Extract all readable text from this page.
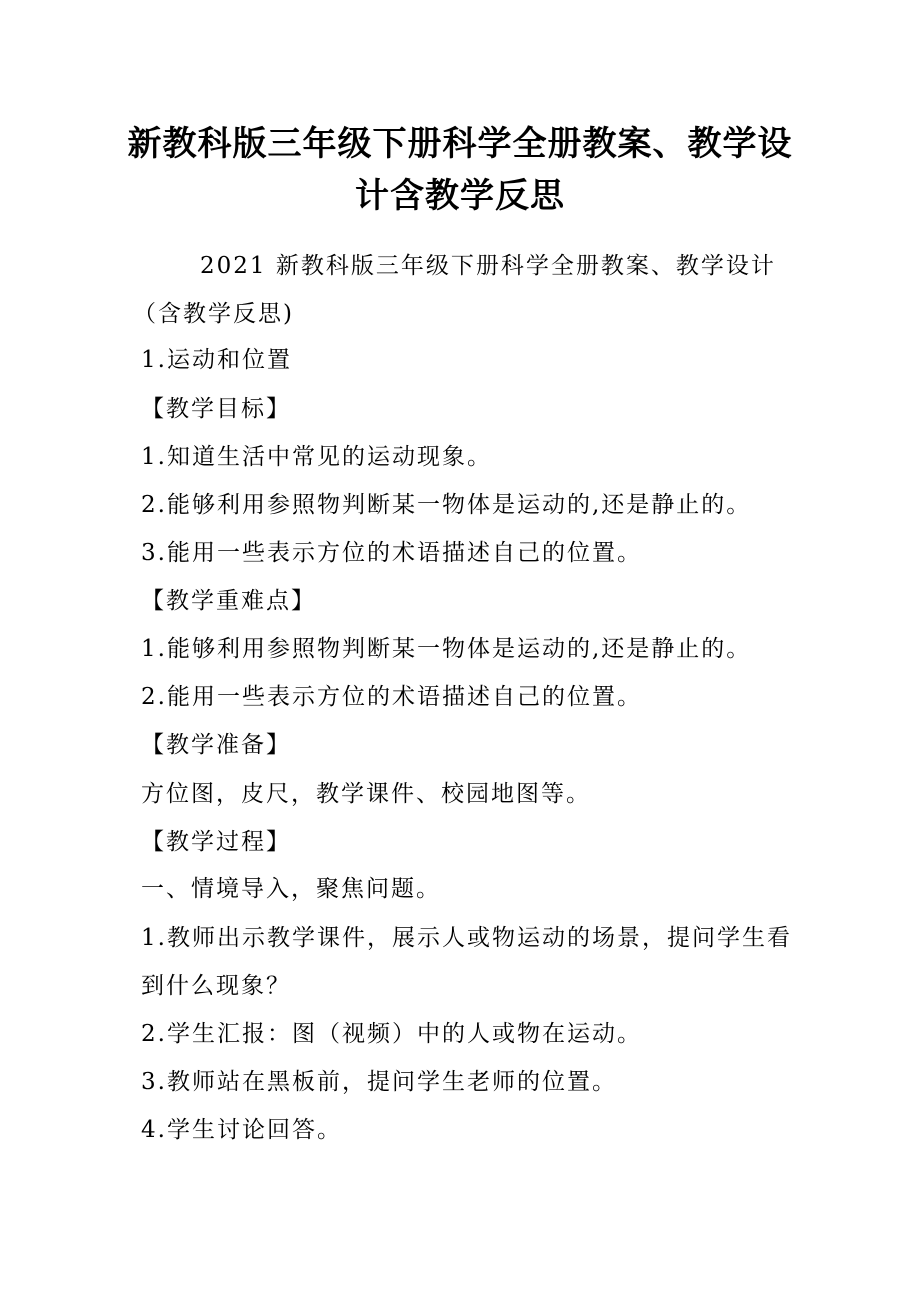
新教科版三年级下册科学全册教案、教学设
计含教学反思

2021 新教科版三年级下册科学全册教案、教学设计

（含教学反思)

1.运动和位置

【教学目标】

1.知道生活中常见的运动现象。

2.能够利用参照物判断某一物体是运动的,还是静止的。

3.能用一些表示方位的术语描述自己的位置。

【教学重难点】

1.能够利用参照物判断某一物体是运动的,还是静止的。

2.能用一些表示方位的术语描述自己的位置。

【教学准备】

方位图，皮尺，教学课件、校园地图等。

【教学过程】

一、情境导入，聚焦问题。

1.教师出示教学课件，展示人或物运动的场景，提问学生看

到什么现象？

2.学生汇报：图（视频）中的人或物在运动。

3.教师站在黑板前，提问学生老师的位置。

4.学生讨论回答。
